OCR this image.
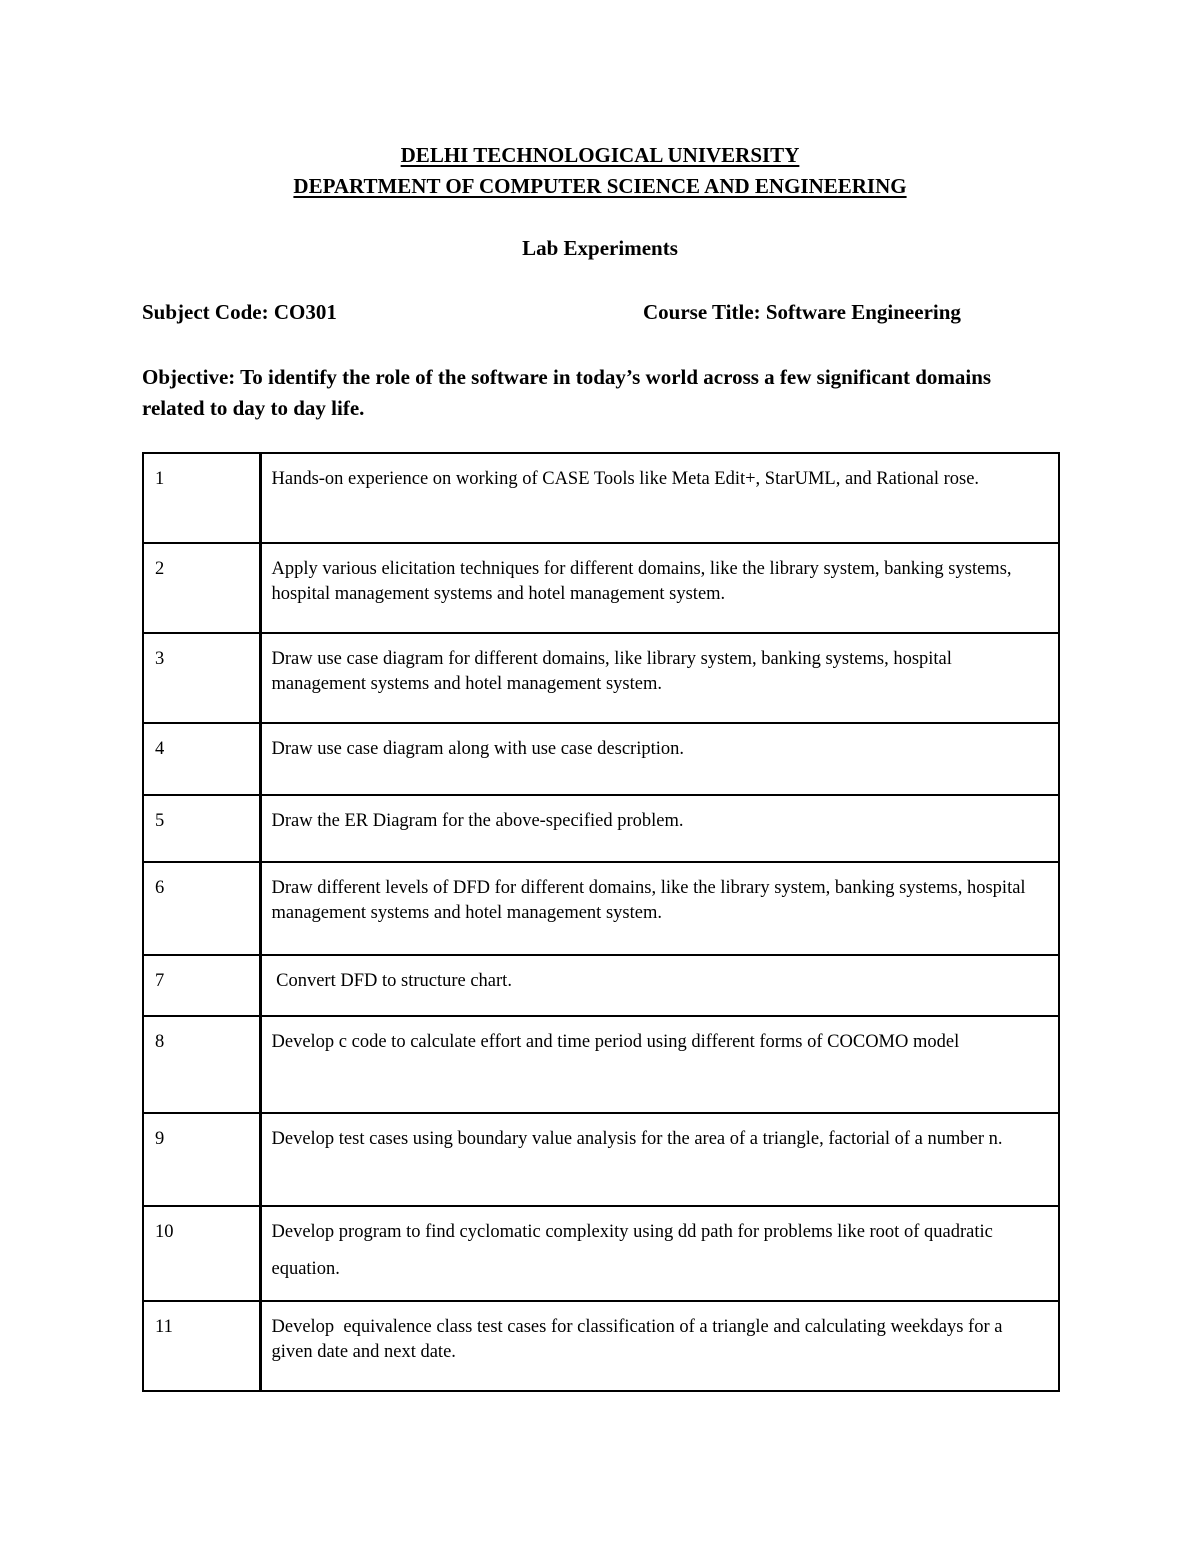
DELHI TECHNOLOGICAL UNIVERSITY
DEPARTMENT OF COMPUTER SCIENCE AND ENGINEERING
Lab Experiments
Subject Code: CO301	Course Title: Software Engineering
Objective: To identify the role of the software in today’s world across a few significant domains related to day to day life.
1	Hands-on experience on working of CASE Tools like Meta Edit+, StarUML, and Rational rose.
2	Apply various elicitation techniques for different domains, like the library system, banking systems, hospital management systems and hotel management system.
3	Draw use case diagram for different domains, like library system, banking systems, hospital management systems and hotel management system.
4	Draw use case diagram along with use case description.
5	Draw the ER Diagram for the above-specified problem.
6	Draw different levels of DFD for different domains, like the library system, banking systems, hospital management systems and hotel management system.
7	Convert DFD to structure chart.
8	Develop c code to calculate effort and time period using different forms of COCOMO model
9	Develop test cases using boundary value analysis for the area of a triangle, factorial of a number n.
10	Develop program to find cyclomatic complexity using dd path for problems like root of quadratic equation.
11	Develop  equivalence class test cases for classification of a triangle and calculating weekdays for a given date and next date.
